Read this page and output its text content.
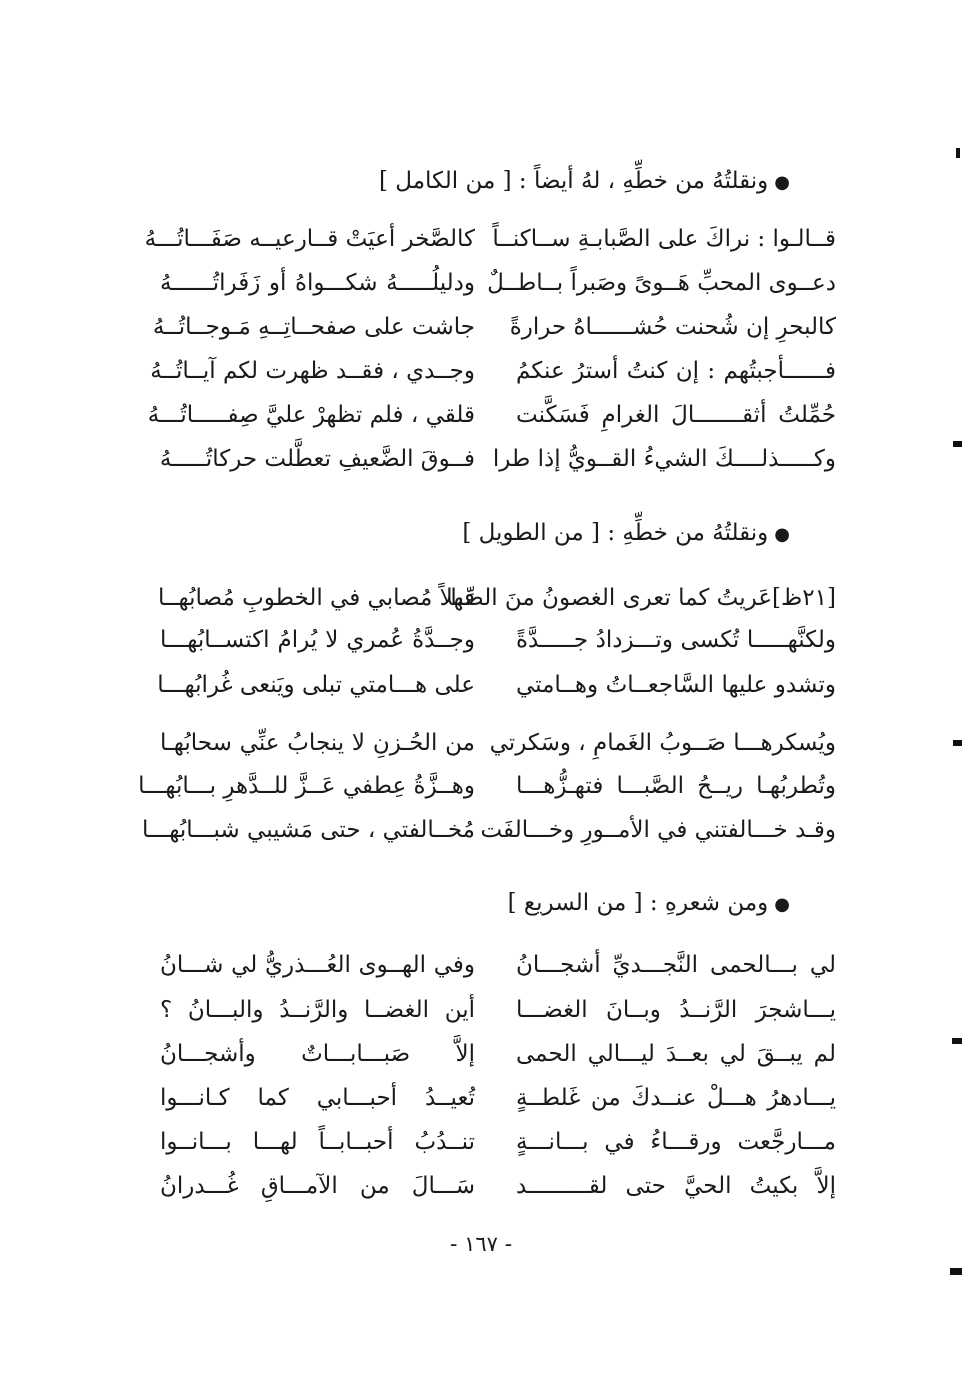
●ونقلتُهُ من خطِّهِ ، لهُ أيضاً : [ من الكامل ]
قــالـوا : نراكَ على الصَّبابـةِ ســاكنــاً
كالصَّخر أعيَتْ قــارعيــه صَفَـــاتُـــهُ
دعــوى المحبِّ هَــوىً وصَبراً بــاطــلٌ
ودليلُـــــهُ شكـــواهُ أو زَفَراتُــــــهُ
كالبحرِ إن شُحنت حُشــــــاهُ حرارةً
جاشت على صفحــاتِــهِ مَـوجــاتُــهُ
فــــــأجبتُهم : إن كنتُ أسترُ عنكمُ
وجــدي ، فقــد ظهرت لكم آيــاتُــهُ
حُمِّلتُ أثقـــــــالَ الغرامِ فَسَكَّنت
قلقي ، فلم تظهرْ عليَّ صِفـــــاتُـــهُ
وكـــــذلــــكَ الشيءُ القــويُّ إذا طرا
فــوقَ الضَّعيفِ تعطَّلت حركاتُـــــهُ
●ونقلتُهُ من خطِّهِ : [ من الطويل ]
[٢١ظ]عَريتُ كما تعرى الغصونُ منَ الصِّبا
فهلاً مُصابي في الخطوبِ مُصابُهــا
ولكنَّهـــــا تُكسى وتـــزدادُ جـــــدَّةً
وجــدَّةُ عُمري لا يُرامُ اكتســابُهـــا
وتشدو عليها السَّاجعــاتُ وهــامتي
على هـــامتي تبلى ويَنعى غُرابُهـــا
ويُسكرهـــا صَــوبُ الغَمامِ ، وسَكرتي
من الحُـزنِ لا ينجابُ عنِّي سحابُهـا
وتُطربُهـا ريــحُ الصَّبـــا فتهـزُّهـــا
وهــزَّةُ عِطفي عَــزَّ للــدَّهرِ بـــابُهـــا
وقـد خـــالفتني في الأمــورِ وخـــالفَت
مُخــالفتي ، حتى مَشيبي شبـــابُهـــا
●ومن شعرهِ : [ من السريع ]
لي بـــالحمى النَّجـــديِّ أشجـــانُ
وفي الهــوى العُـــذريُّ لي شـــانُ
يـــاشجرَ الرَّنــدُ وبــانَ الغضـــا
أين الغضــا والرَّنــدُ والبـــانُ ؟
لم يبــقَ لي بعــدَ ليـــالي الحمى
إلاَّ صَبـــابـــاتٌ وأشجـــانُ
يـــادهرُ هـــلْ عنــدكَ من غَلطــةٍ
تُعيــدُ أحبـــابي كما كـانـــوا
مـــارجَّعت ورقـــاءُ في بـــانـــةٍ
تنــدُبُ أحبــابــاً لهـــا بـــانــوا
إلاَّ بكيتُ الحيَّ حتى لقـــــــــد
سَـــالَ من الآمـــاقِ غُـــدرانُ
- ١٦٧ -
